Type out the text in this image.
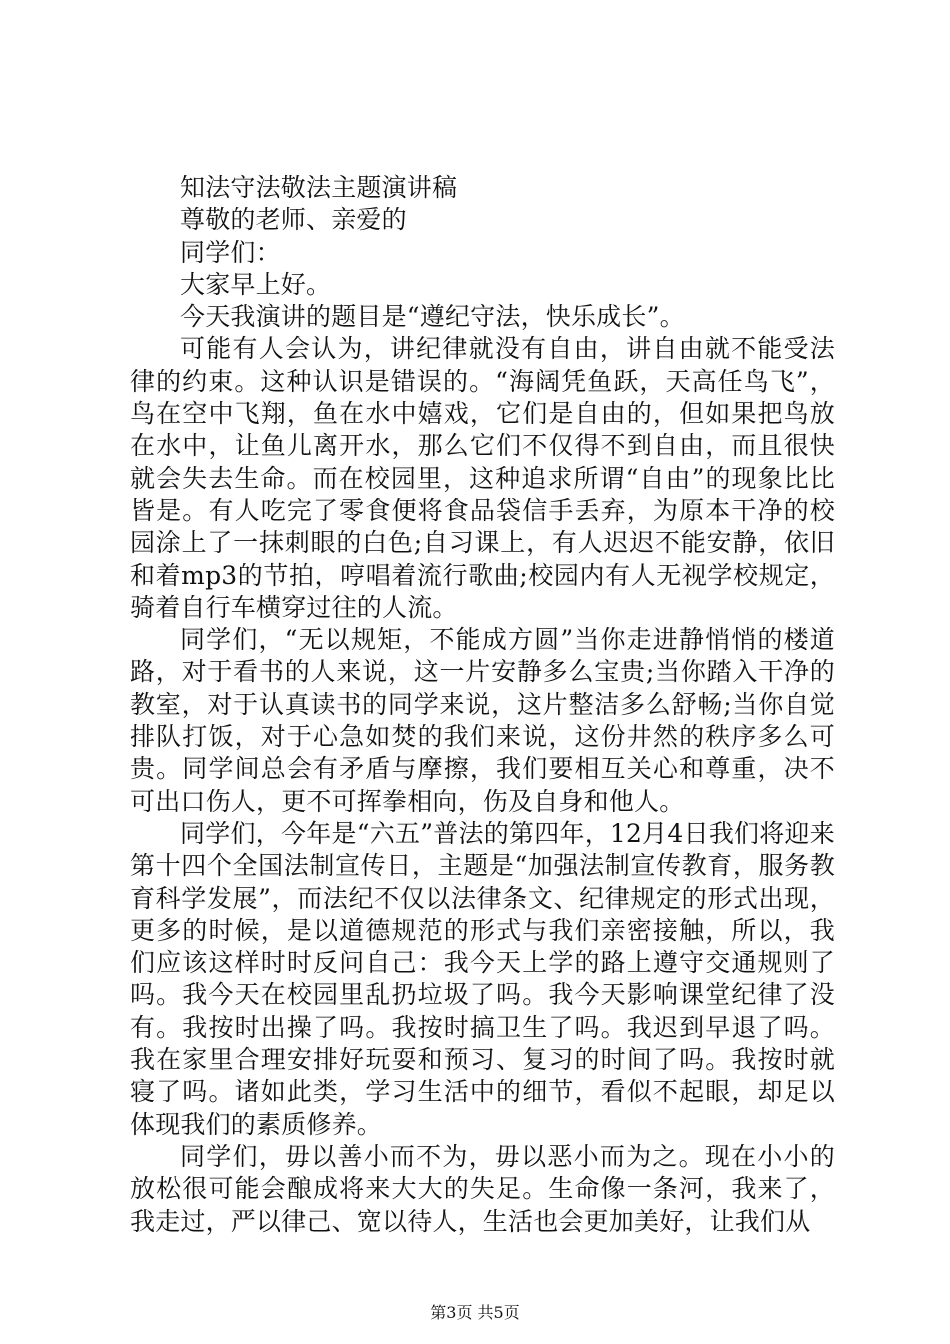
知法守法敬法主题演讲稿

尊敬的老师、亲爱的

同学们：

大家早上好。

今天我演讲的题目是“遵纪守法，快乐成长”。

可能有人会认为，讲纪律就没有自由，讲自由就不能受法律的约束。这种认识是错误的。“海阔凭鱼跃，天高任鸟飞”，鸟在空中飞翔，鱼在水中嬉戏，它们是自由的，但如果把鸟放在水中，让鱼儿离开水，那么它们不仅得不到自由，而且很快就会失去生命。而在校园里，这种追求所谓“自由”的现象比比皆是。有人吃完了零食便将食品袋信手丢弃，为原本干净的校园涂上了一抹刺眼的白色;自习课上，有人迟迟不能安静，依旧和着mp3的节拍，哼唱着流行歌曲;校园内有人无视学校规定，骑着自行车横穿过往的人流。

同学们，“无以规矩，不能成方圆”当你走进静悄悄的楼道路，对于看书的人来说，这一片安静多么宝贵;当你踏入干净的教室，对于认真读书的同学来说，这片整洁多么舒畅;当你自觉排队打饭，对于心急如焚的我们来说，这份井然的秩序多么可贵。同学间总会有矛盾与摩擦，我们要相互关心和尊重，决不可出口伤人，更不可挥拳相向，伤及自身和他人。

同学们，今年是“六五”普法的第四年，12月4日我们将迎来第十四个全国法制宣传日，主题是“加强法制宣传教育，服务教育科学发展”，而法纪不仅以法律条文、纪律规定的形式出现，更多的时候，是以道德规范的形式与我们亲密接触，所以，我们应该这样时时反问自己：我今天上学的路上遵守交通规则了吗。我今天在校园里乱扔垃圾了吗。我今天影响课堂纪律了没有。我按时出操了吗。我按时搞卫生了吗。我迟到早退了吗。我在家里合理安排好玩耍和预习、复习的时间了吗。我按时就寝了吗。诸如此类，学习生活中的细节，看似不起眼，却足以体现我们的素质修养。

同学们，毋以善小而不为，毋以恶小而为之。现在小小的放松很可能会酿成将来大大的失足。生命像一条河，我来了，我走过，严以律己、宽以待人，生活也会更加美好，让我们从

第3页 共5页
